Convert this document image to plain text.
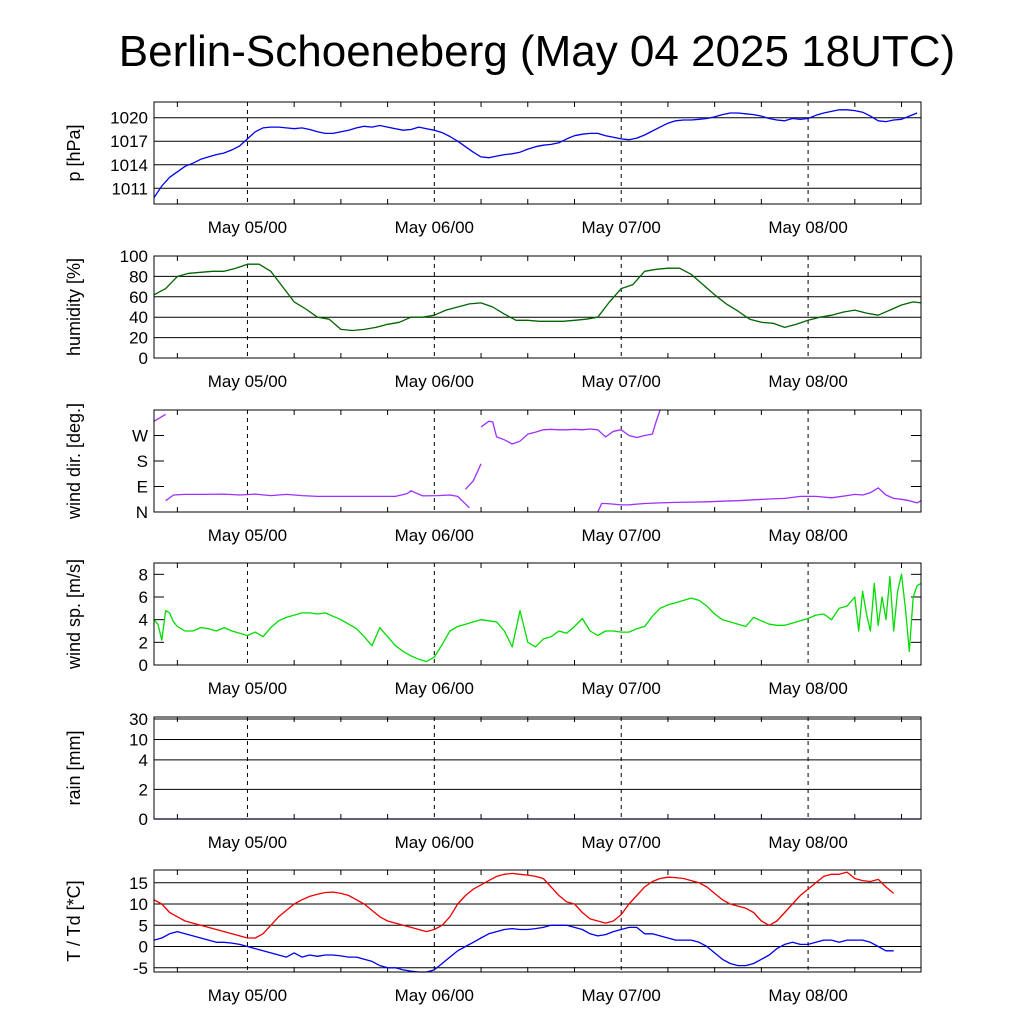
Berlin-Schoeneberg (May 04 2025 18UTC)
1011
1014
1017
1020
p [hPa]
May 05/00	May 06/00	May 07/00	May 08/00
0
20
40
60
80
100
humidity [%]
May 05/00	May 06/00	May 07/00	May 08/00
N
E
S
W
wind dir. [deg.]
May 05/00	May 06/00	May 07/00	May 08/00
0
2
4
6
8
wind sp. [m/s]
May 05/00	May 06/00	May 07/00	May 08/00
0
2
4
10
30
rain [mm]
May 05/00	May 06/00	May 07/00	May 08/00
-5
0
5
10
15
T / Td [*C]
May 05/00	May 06/00	May 07/00	May 08/00
